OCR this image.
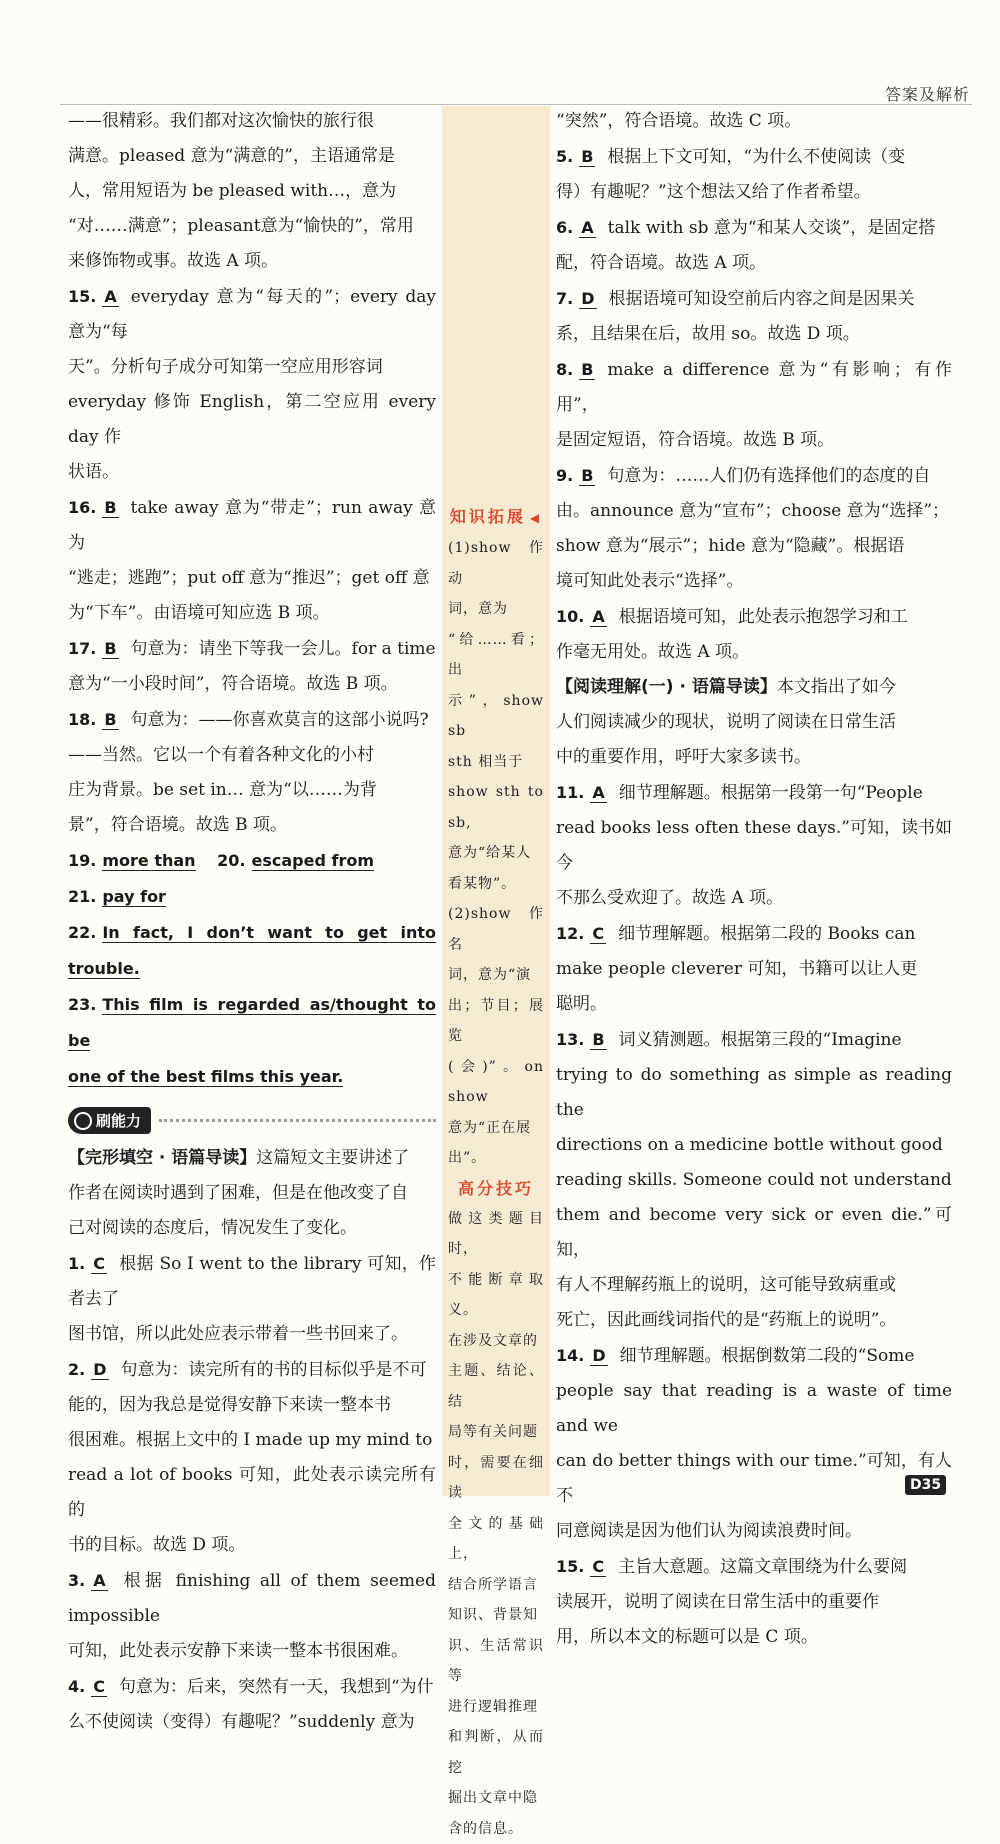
答案及解析

——很精彩。我们都对这次愉快的旅行很

满意。pleased 意为“满意的”，主语通常是

人，常用短语为 be pleased with…，意为

“对……满意”；pleasant意为“愉快的”，常用

来修饰物或事。故选 A 项。

15. A everyday 意为“每天的”；every day 意为“每

天”。分析句子成分可知第一空应用形容词

everyday 修饰 English，第二空应用 every day 作

状语。

16. B take away 意为“带走”；run away 意为

“逃走；逃跑”；put off 意为“推迟”；get off 意

为“下车”。由语境可知应选 B 项。

17. B 句意为：请坐下等我一会儿。for a time

意为“一小段时间”，符合语境。故选 B 项。

18. B 句意为：——你喜欢莫言的这部小说吗?

——当然。它以一个有着各种文化的小村

庄为背景。be set in… 意为“以……为背

景”，符合语境。故选 B 项。

19. more than 20. escaped from
21. pay for
22. In fact, I don’t want to get into trouble.
23. This film is regarded as/thought to be
one of the best films this year.
刷能力

【完形填空 · 语篇导读】这篇短文主要讲述了

作者在阅读时遇到了困难，但是在他改变了自

己对阅读的态度后，情况发生了变化。

1. C 根据 So I went to the library 可知，作者去了

图书馆，所以此处应表示带着一些书回来了。

2. D 句意为：读完所有的书的目标似乎是不可

能的，因为我总是觉得安静下来读一整本书

很困难。根据上文中的 I made up my mind to

read a lot of books 可知，此处表示读完所有的

书的目标。故选 D 项。

3. A 根据 finishing all of them seemed impossible

可知，此处表示安静下来读一整本书很困难。

4. C 句意为：后来，突然有一天，我想到“为什

么不使阅读（变得）有趣呢？”suddenly 意为

知识拓展 ◀
(1)show 作动
词，意为
“给……看；出
示”，show sb
sth 相当于
show sth to sb,
意为“给某人
看某物”。
(2)show 作名
词，意为“演
出；节目；展览
(会)”。on show
意为“正在展
出”。
高分技巧
做这类题目时，
不能断章取义。
在涉及文章的
主题、结论、结
局等有关问题
时，需要在细读
全文的基础上，
结合所学语言
知识、背景知
识、生活常识等
进行逻辑推理
和判断，从而挖
掘出文章中隐
含的信息。

“突然”，符合语境。故选 C 项。

5. B 根据上下文可知，“为什么不使阅读（变

得）有趣呢？”这个想法又给了作者希望。

6. A talk with sb 意为“和某人交谈”，是固定搭

配，符合语境。故选 A 项。

7. D 根据语境可知设空前后内容之间是因果关

系，且结果在后，故用 so。故选 D 项。

8. B make a difference 意为“有影响；有作用”，

是固定短语，符合语境。故选 B 项。

9. B 句意为：……人们仍有选择他们的态度的自

由。announce 意为“宣布”；choose 意为“选择”；

show 意为“展示”；hide 意为“隐藏”。根据语

境可知此处表示“选择”。

10. A 根据语境可知，此处表示抱怨学习和工

作毫无用处。故选 A 项。

【阅读理解(一) · 语篇导读】本文指出了如今

人们阅读减少的现状，说明了阅读在日常生活

中的重要作用，呼吁大家多读书。

11. A 细节理解题。根据第一段第一句“People

read books less often these days.”可知，读书如今

不那么受欢迎了。故选 A 项。

12. C 细节理解题。根据第二段的 Books can

make people cleverer 可知，书籍可以让人更

聪明。

13. B 词义猜测题。根据第三段的“Imagine

trying to do something as simple as reading the

directions on a medicine bottle without good

reading skills. Someone could not understand

them and become very sick or even die.”可知，

有人不理解药瓶上的说明，这可能导致病重或

死亡，因此画线词指代的是“药瓶上的说明”。

14. D 细节理解题。根据倒数第二段的“Some

people say that reading is a waste of time and we

can do better things with our time.”可知，有人不

同意阅读是因为他们认为阅读浪费时间。

15. C 主旨大意题。这篇文章围绕为什么要阅

读展开，说明了阅读在日常生活中的重要作

用，所以本文的标题可以是 C 项。

D35
